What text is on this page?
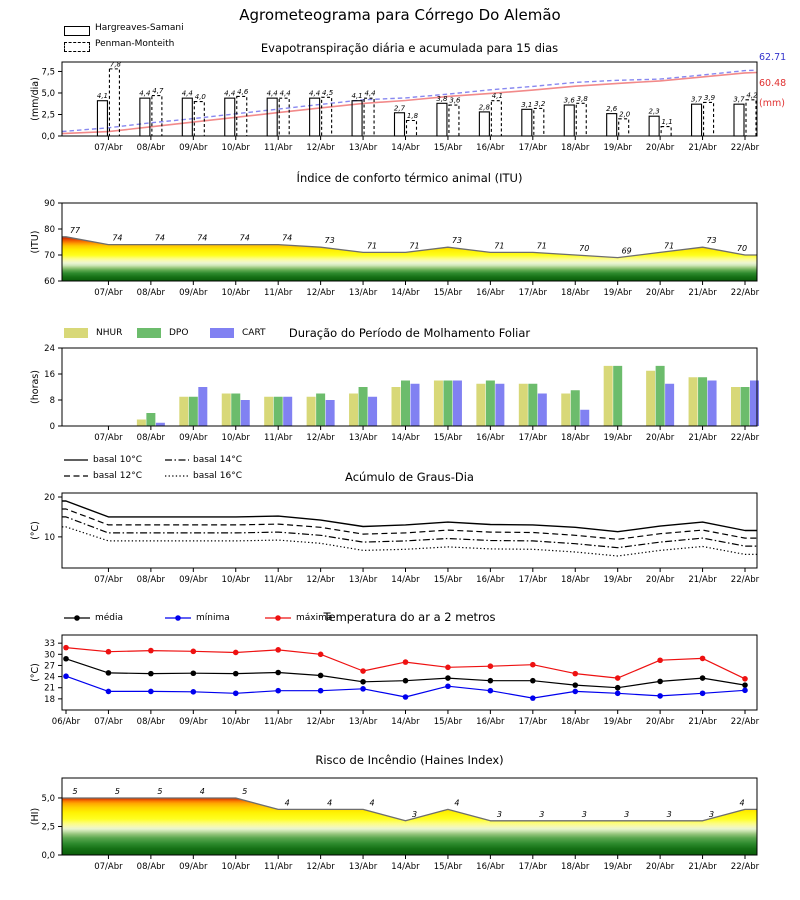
4,1	4,4	4,4	4,4	4,4	4,4	4,1
2,7
3,8
2,8	3,1
3,6
2,6	2,3
3,7	3,7
7,8
4,7
4,0
4,6	4,4	4,5	4,4
1,8
3,6
4,1
3,2
3,8
2,0
1,1
3,9	4,2
07/Abr 08/Abr 09/Abr 10/Abr 11/Abr 12/Abr 13/Abr 14/Abr 15/Abr 16/Abr 17/Abr 18/Abr 19/Abr 20/Abr 21/Abr 22/Abr
0,0
2,5
5,0
7,5
(mm/dia)
77
74	74	74	74	74	73
71	71
73
71	71	70	69
71
73
70
07/Abr 08/Abr 09/Abr 10/Abr 11/Abr 12/Abr 13/Abr 14/Abr 15/Abr 16/Abr 17/Abr 18/Abr 19/Abr 20/Abr 21/Abr 22/Abr
60
70
80
90
(ITU)
5	5	5	4	5
4	4	4
3
4
3	3	3	3	3	3
4
07/Abr 08/Abr 09/Abr 10/Abr 11/Abr 12/Abr 13/Abr 14/Abr 15/Abr 16/Abr 17/Abr 18/Abr 19/Abr 20/Abr 21/Abr 22/Abr
0,0
2,5
5,0
(HI)
07/Abr 08/Abr 09/Abr 10/Abr 11/Abr 12/Abr 13/Abr 14/Abr 15/Abr 16/Abr 17/Abr 18/Abr 19/Abr 20/Abr 21/Abr 22/Abr
0
8
16
24
(horas)
07/Abr 08/Abr 09/Abr 10/Abr 11/Abr 12/Abr 13/Abr 14/Abr 15/Abr 16/Abr 17/Abr 18/Abr 19/Abr 20/Abr 21/Abr 22/Abr
10
20
(°C)
06/Abr 07/Abr 08/Abr 09/Abr 10/Abr 11/Abr 12/Abr 13/Abr 14/Abr 15/Abr 16/Abr 17/Abr 18/Abr 19/Abr 20/Abr 21/Abr 22/Abr
18
21
24
27
30
33
(°C)
Agrometeograma para Córrego Do Alemão
Hargreaves-Samani
Penman-Monteith	Evapotranspiração diária e acumulada para 15 dias
62.71
60.48
(mm)
Índice de conforto térmico animal (ITU)
NHUR	DPO	CART	Duração do Período de Molhamento Foliar
basal 10°C
basal 12°C
basal 14°C
basal 16°C	Acúmulo de Graus-Dia
média	mínima	máxima
Temperatura do ar a 2 metros
Risco de Incêndio (Haines Index)
